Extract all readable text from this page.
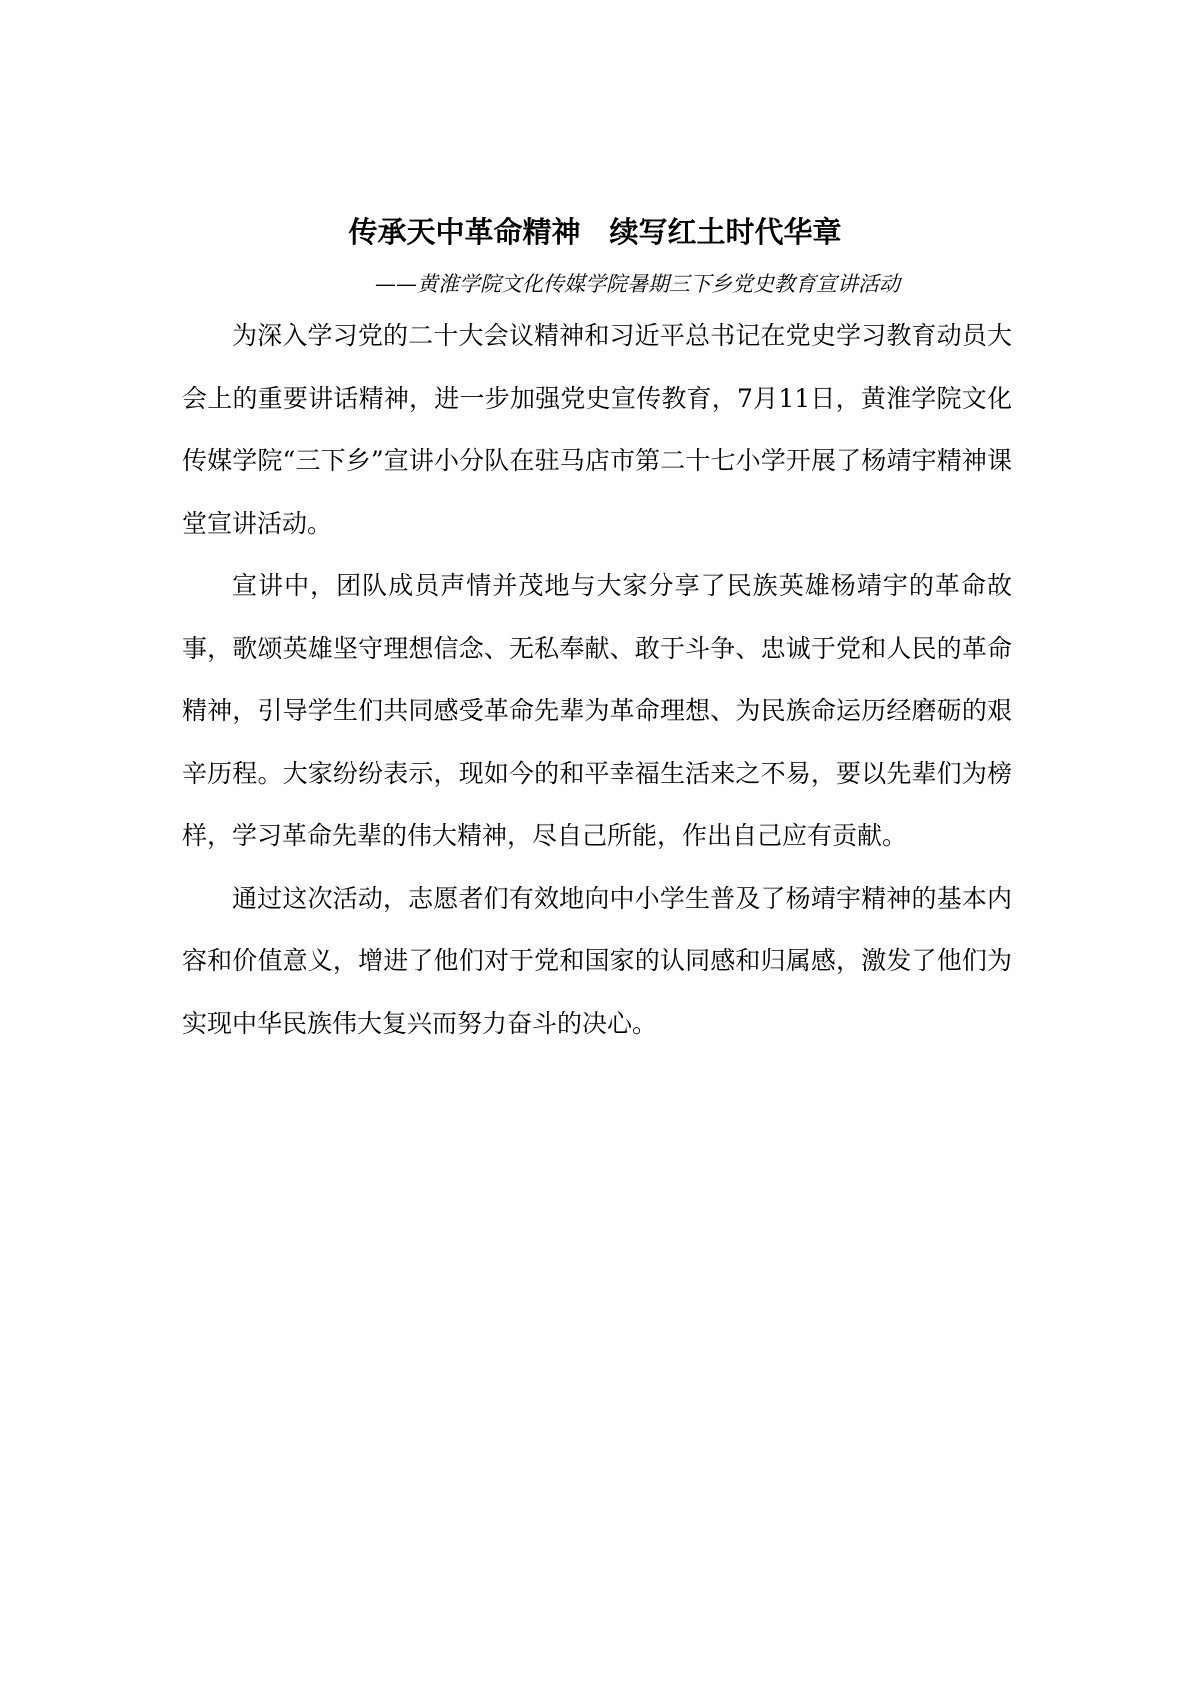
传承天中革命精神　续写红土时代华章
——黄淮学院文化传媒学院暑期三下乡党史教育宣讲活动

为深入学习党的二十大会议精神和习近平总书记在党史学习教育动员大会上的重要讲话精神，进一步加强党史宣传教育，7月11日，黄淮学院文化传媒学院“三下乡”宣讲小分队在驻马店市第二十七小学开展了杨靖宇精神课堂宣讲活动。

宣讲中，团队成员声情并茂地与大家分享了民族英雄杨靖宇的革命故事，歌颂英雄坚守理想信念、无私奉献、敢于斗争、忠诚于党和人民的革命精神，引导学生们共同感受革命先辈为革命理想、为民族命运历经磨砺的艰辛历程。大家纷纷表示，现如今的和平幸福生活来之不易，要以先辈们为榜样，学习革命先辈的伟大精神，尽自己所能，作出自己应有贡献。

通过这次活动，志愿者们有效地向中小学生普及了杨靖宇精神的基本内容和价值意义，增进了他们对于党和国家的认同感和归属感，激发了他们为实现中华民族伟大复兴而努力奋斗的决心。
